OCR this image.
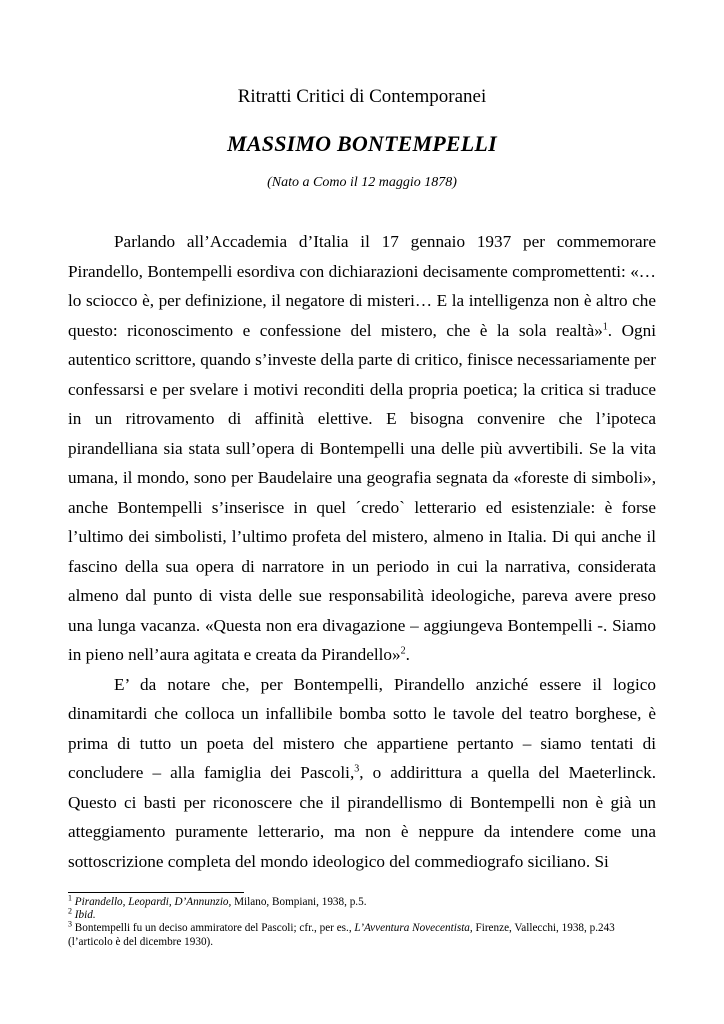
Ritratti Critici di Contemporanei
MASSIMO BONTEMPELLI
(Nato a Como il 12 maggio 1878)

Parlando all’Accademia d’Italia il 17 gennaio 1937 per commemorare Pirandello, Bontempelli esordiva con dichiarazioni decisamente compromettenti: «…lo sciocco è, per definizione, il negatore di misteri… E la intelligenza non è altro che questo: riconoscimento e confessione del mistero, che è la sola realtà»$^1$. Ogni autentico scrittore, quando s’investe della parte di critico, finisce necessariamente per confessarsi e per svelare i motivi reconditi della propria poetica; la critica si traduce in un ritrovamento di affinità elettive. E bisogna convenire che l’ipoteca pirandelliana sia stata sull’opera di Bontempelli una delle più avvertibili. Se la vita umana, il mondo, sono per Baudelaire una geografia segnata da «foreste di simboli», anche Bontempelli s’inserisce in quel ´credo` letterario ed esistenziale: è forse l’ultimo dei simbolisti, l’ultimo profeta del mistero, almeno in Italia. Di qui anche il fascino della sua opera di narratore in un periodo in cui la narrativa, considerata almeno dal punto di vista delle sue responsabilità ideologiche, pareva avere preso una lunga vacanza. «Questa non era divagazione – aggiungeva Bontempelli -. Siamo in pieno nell’aura agitata e creata da Pirandello»$^2$.

E’ da notare che, per Bontempelli, Pirandello anziché essere il logico dinamitardi che colloca un infallibile bomba sotto le tavole del teatro borghese, è prima di tutto un poeta del mistero che appartiene pertanto – siamo tentati di concludere – alla famiglia dei Pascoli,$^3$, o addirittura a quella del Maeterlinck. Questo ci basti per riconoscere che il pirandellismo di Bontempelli non è già un atteggiamento puramente letterario, ma non è neppure da intendere come una sottoscrizione completa del mondo ideologico del commediografo siciliano. Si

$^1$ Pirandello, Leopardi, D’Annunzio, Milano, Bompiani, 1938, p.5.
$^2$ Ibid.
$^3$ Bontempelli fu un deciso ammiratore del Pascoli; cfr., per es., L’Avventura Novecentista, Firenze, Vallecchi, 1938, p.243 (l’articolo è del dicembre 1930).
